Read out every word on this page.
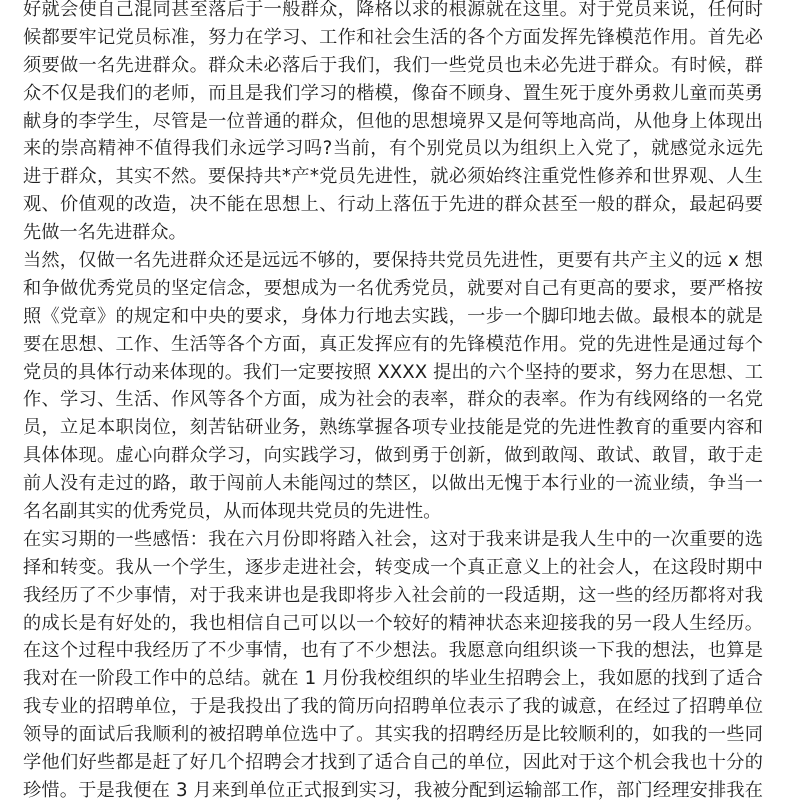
好就会使自己混同甚至落后于一般群众，降格以求的根源就在这里。对于党员来说，任何时
候都要牢记党员标准，努力在学习、工作和社会生活的各个方面发挥先锋模范作用。首先必
须要做一名先进群众。群众未必落后于我们，我们一些党员也未必先进于群众。有时候，群
众不仅是我们的老师，而且是我们学习的楷模，像奋不顾身、置生死于度外勇救儿童而英勇
献身的李学生，尽管是一位普通的群众，但他的思想境界又是何等地高尚，从他身上体现出
来的崇高精神不值得我们永远学习吗?当前，有个别党员以为组织上入党了，就感觉永远先
进于群众，其实不然。要保持共*产*党员先进性，就必须始终注重党性修养和世界观、人生
观、价值观的改造，决不能在思想上、行动上落伍于先进的群众甚至一般的群众，最起码要
先做一名先进群众。
当然，仅做一名先进群众还是远远不够的，要保持共党员先进性，更要有共产主义的远 x 想
和争做优秀党员的坚定信念，要想成为一名优秀党员，就要对自己有更高的要求，要严格按
照《党章》的规定和中央的要求，身体力行地去实践，一步一个脚印地去做。最根本的就是
要在思想、工作、生活等各个方面，真正发挥应有的先锋模范作用。党的先进性是通过每个
党员的具体行动来体现的。我们一定要按照 XXXX 提出的六个坚持的要求，努力在思想、工
作、学习、生活、作风等各个方面，成为社会的表率，群众的表率。作为有线网络的一名党
员，立足本职岗位，刻苦钻研业务，熟练掌握各项专业技能是党的先进性教育的重要内容和
具体体现。虚心向群众学习，向实践学习，做到勇于创新，做到敢闯、敢试、敢冒，敢于走
前人没有走过的路，敢于闯前人未能闯过的禁区，以做出无愧于本行业的一流业绩，争当一
名名副其实的优秀党员，从而体现共党员的先进性。
在实习期的一些感悟：我在六月份即将踏入社会，这对于我来讲是我人生中的一次重要的选
择和转变。我从一个学生，逐步走进社会，转变成一个真正意义上的社会人，在这段时期中
我经历了不少事情，对于我来讲也是我即将步入社会前的一段适期，这一些的经历都将对我
的成长是有好处的，我也相信自己可以以一个较好的精神状态来迎接我的另一段人生经历。
在这个过程中我经历了不少事情，也有了不少想法。我愿意向组织谈一下我的想法，也算是
我对在一阶段工作中的总结。就在 1 月份我校组织的毕业生招聘会上，我如愿的找到了适合
我专业的招聘单位，于是我投出了我的简历向招聘单位表示了我的诚意，在经过了招聘单位
领导的面试后我顺利的被招聘单位选中了。其实我的招聘经历是比较顺利的，如我的一些同
学他们好些都是赶了好几个招聘会才找到了适合自己的单位，因此对于这个机会我也十分的
珍惜。于是我便在 3 月来到单位正式报到实习，我被分配到运输部工作，部门经理安排我在
